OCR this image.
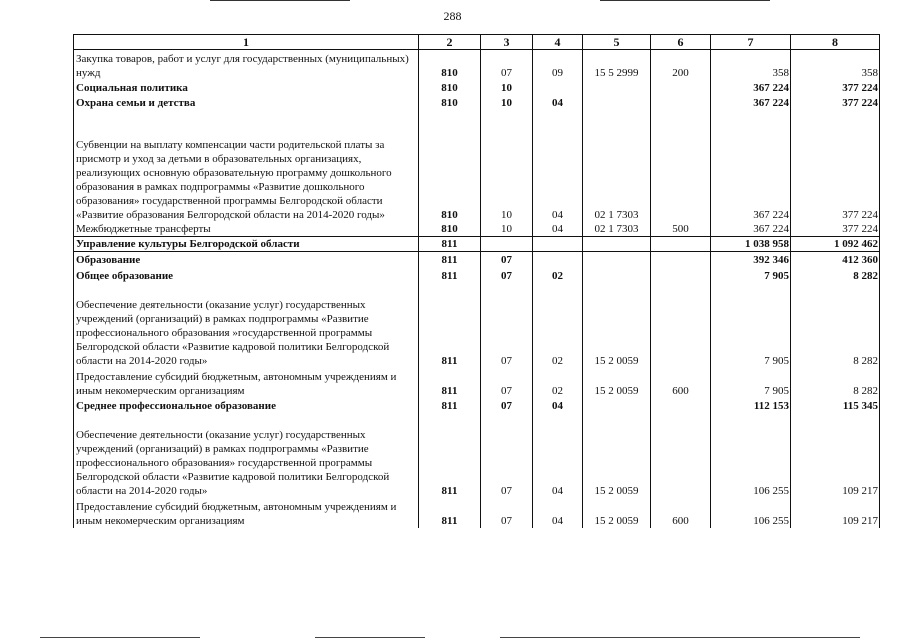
288
1	2	3	4	5	6	7	8
Закупка товаров, работ и услуг для государственных (муниципальных) нужд	810	07	09	15 5 2999	200	358	358
Социальная политика	810	10				367 224	377 224
Охрана семьи и детства	810	10	04			367 224	377 224
Субвенции на выплату компенсации части родительской платы за присмотр и уход за детьми в образовательных организациях, реализующих основную образовательную программу дошкольного образования в рамках подпрограммы «Развитие дошкольного образования» государственной программы Белгородской области «Развитие образования Белгородской области на 2014-2020 годы»	810	10	04	02 1 7303		367 224	377 224
Межбюджетные трансферты	810	10	04	02 1 7303	500	367 224	377 224
Управление культуры Белгородской области	811					1 038 958	1 092 462
Образование	811	07				392 346	412 360
Общее образование	811	07	02			7 905	8 282
Обеспечение деятельности (оказание услуг) государственных учреждений (организаций) в рамках подпрограммы «Развитие профессионального образования »государственной программы Белгородской области «Развитие кадровой политики Белгородской области на 2014-2020 годы»	811	07	02	15 2 0059		7 905	8 282
Предоставление субсидий бюджетным, автономным учреждениям и иным некомерческим организациям	811	07	02	15 2 0059	600	7 905	8 282
Среднее профессиональное образование	811	07	04			112 153	115 345
Обеспечение деятельности (оказание услуг) государственных учреждений (организаций) в рамках подпрограммы «Развитие профессионального образования» государственной программы Белгородской области «Развитие кадровой политики Белгородской области на 2014-2020 годы»	811	07	04	15 2 0059		106 255	109 217
Предоставление субсидий бюджетным, автономным учреждениям и иным некомерческим организациям	811	07	04	15 2 0059	600	106 255	109 217
